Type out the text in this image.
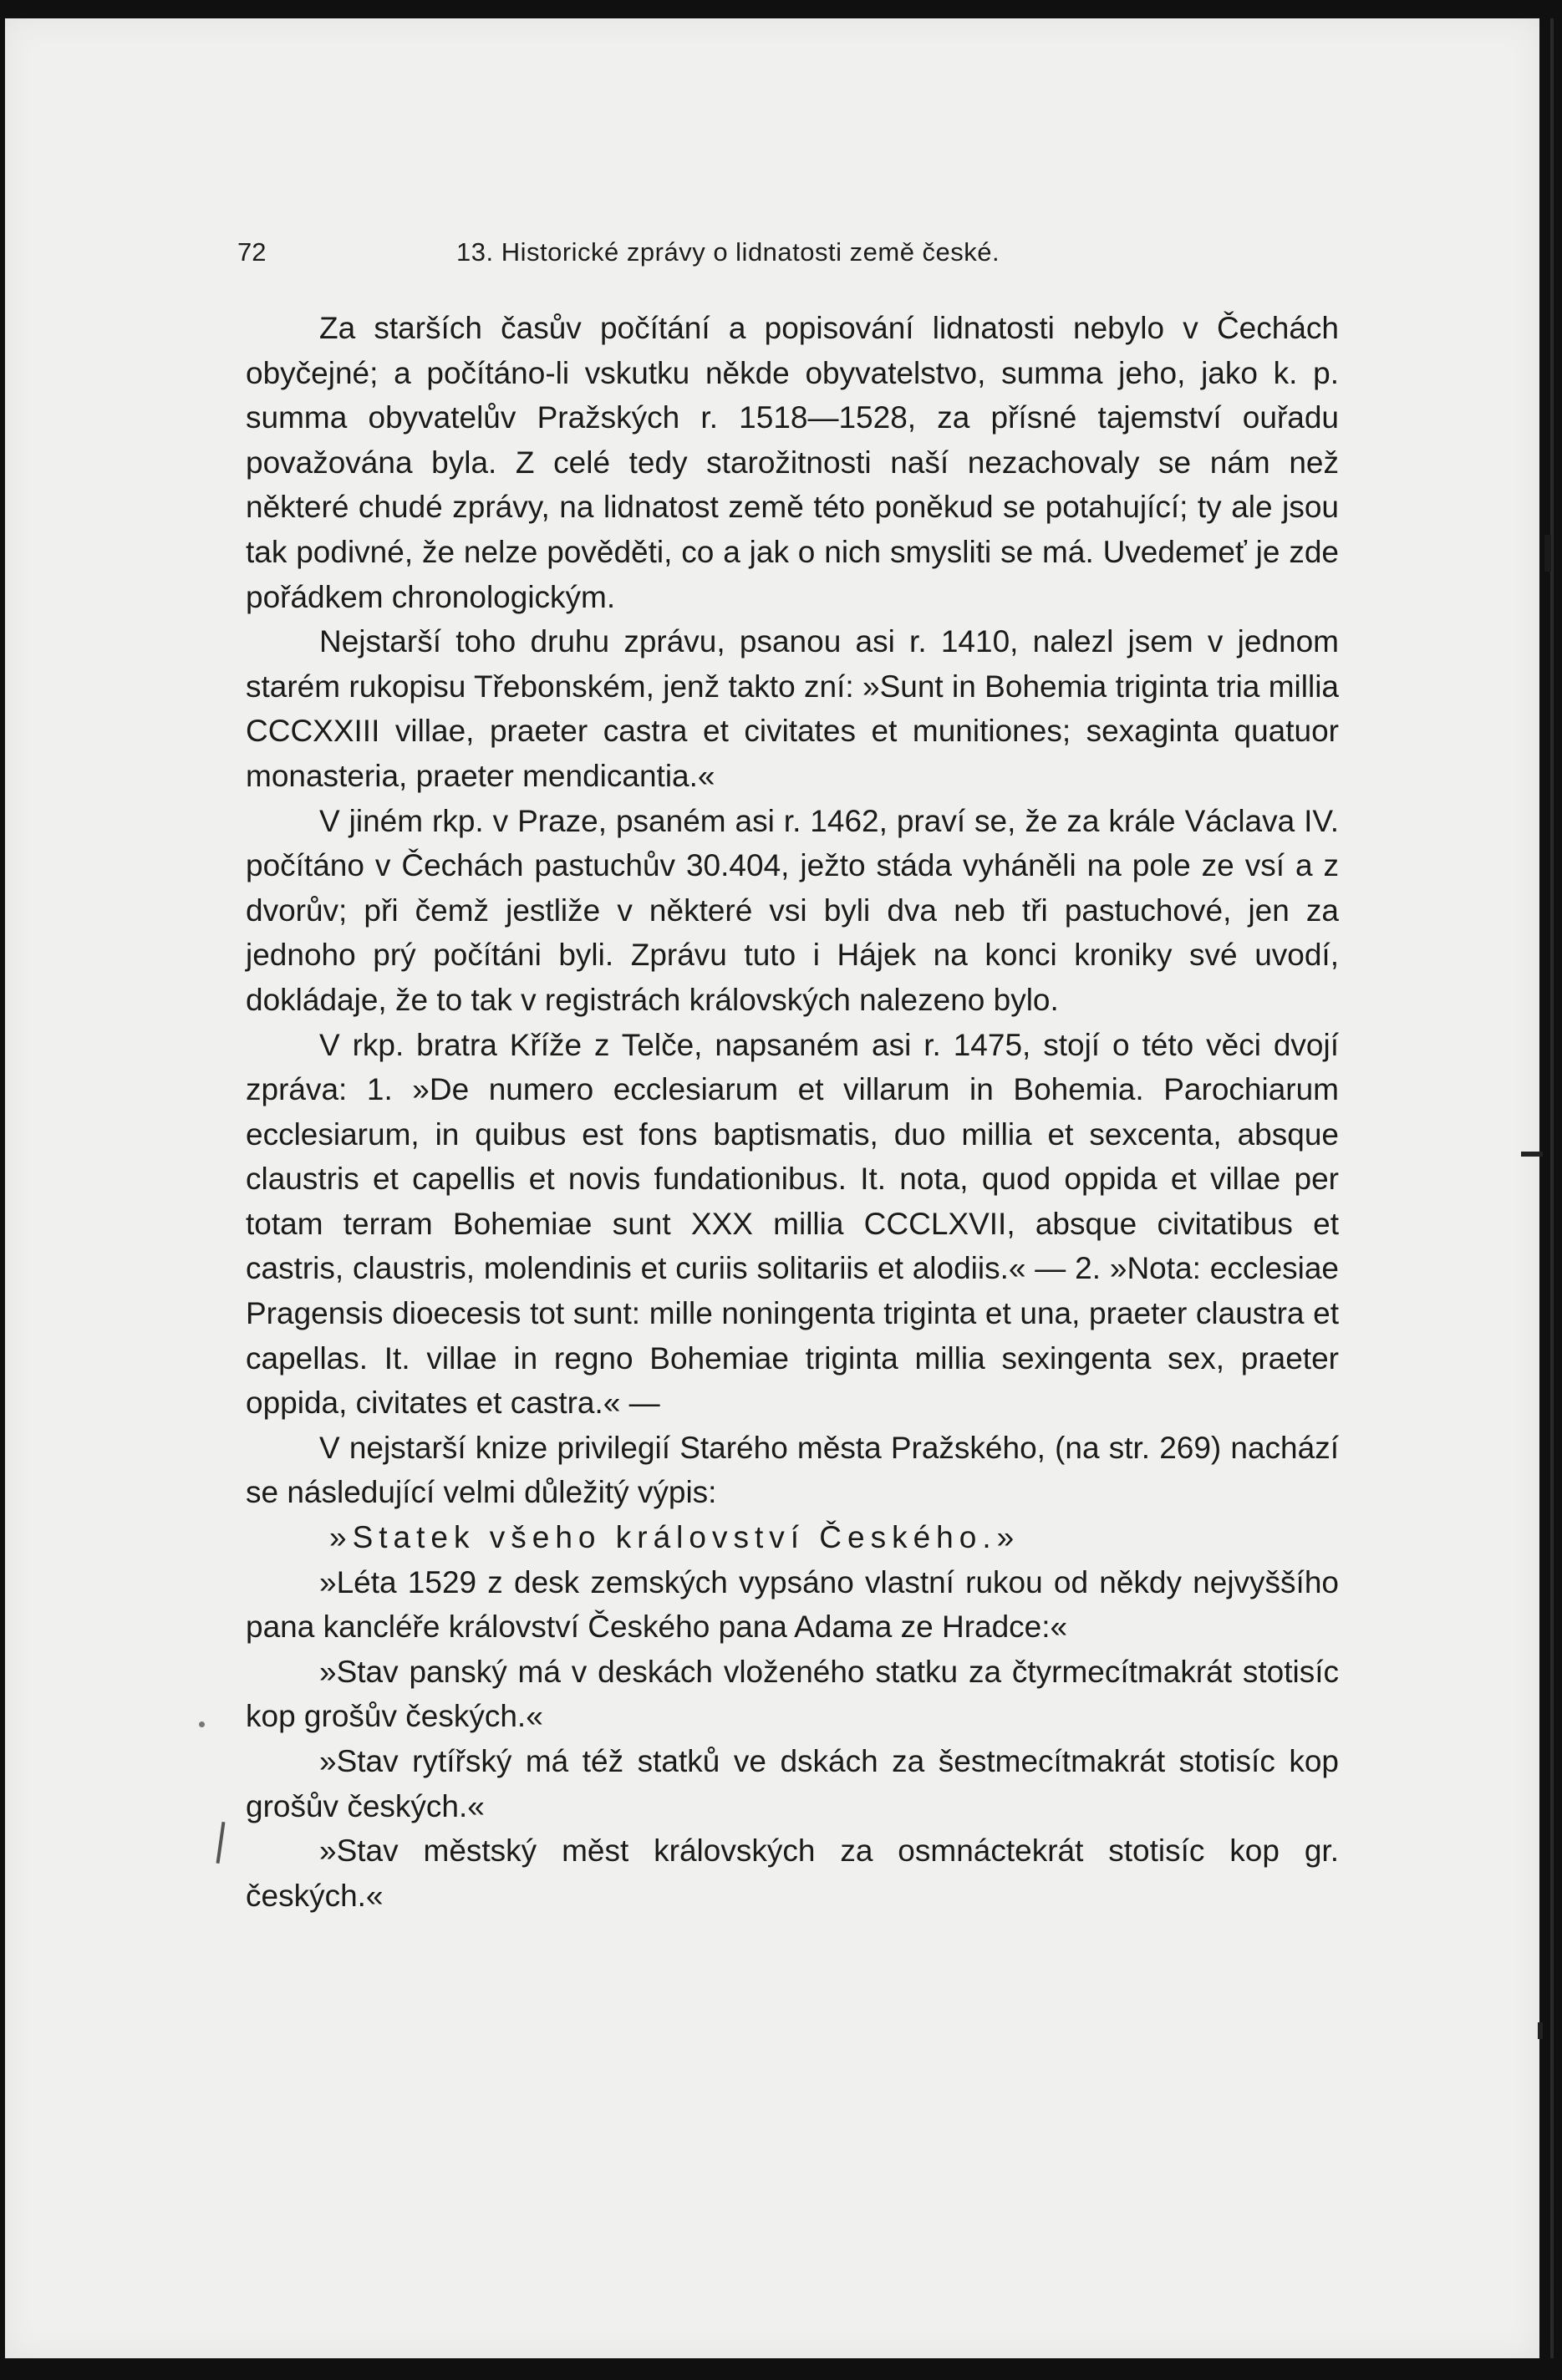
72	13. Historické zprávy o lidnatosti země české.

Za starších časův počítání a popisování lidnatosti nebylo v Čechách obyčejné; a počítáno-li vskutku někde obyvatelstvo, summa jeho, jako k. p. summa obyvatelův Pražských r. 1518—1528, za přísné tajemství ouřadu považována byla. Z celé tedy starožitnosti naší nezachovaly se nám než některé chudé zprávy, na lidnatost země této poněkud se potahující; ty ale jsou tak podivné, že nelze pověděti, co a jak o nich smysliti se má. Uvedemeť je zde pořádkem chronologickým.

Nejstarší toho druhu zprávu, psanou asi r. 1410, nalezl jsem v jednom starém rukopisu Třebonském, jenž takto zní: »Sunt in Bohemia triginta tria millia CCCXXIII villae, praeter castra et civitates et munitiones; sexaginta quatuor monasteria, praeter mendicantia.«

V jiném rkp. v Praze, psaném asi r. 1462, praví se, že za krále Václava IV. počítáno v Čechách pastuchův 30.404, ježto stáda vyháněli na pole ze vsí a z dvorův; při čemž jestliže v některé vsi byli dva neb tři pastuchové, jen za jednoho prý počítáni byli. Zprávu tuto i Hájek na konci kroniky své uvodí, dokládaje, že to tak v registrách královských nalezeno bylo.

V rkp. bratra Kříže z Telče, napsaném asi r. 1475, stojí o této věci dvojí zpráva: 1. »De numero ecclesiarum et villarum in Bohemia. Parochiarum ecclesiarum, in quibus est fons baptismatis, duo millia et sexcenta, absque claustris et capellis et novis fundationibus. It. nota, quod oppida et villae per totam terram Bohemiae sunt XXX millia CCCLXVII, absque civitatibus et castris, claustris, molendinis et curiis solitariis et alodiis.« — 2. »Nota: ecclesiae Pragensis dioecesis tot sunt: mille noningenta triginta et una, praeter claustra et capellas. It. villae in regno Bohemiae triginta millia sexingenta sex, praeter oppida, civitates et castra.« —

V nejstarší knize privilegií Starého města Pražského, (na str. 269) nachází se následující velmi důležitý výpis:

»Statek všeho království Českého.»

»Léta 1529 z desk zemských vypsáno vlastní rukou od někdy nejvyššího pana kancléře království Českého pana Adama ze Hradce:«

»Stav panský má v deskách vloženého statku za čtyrmecítmakrát stotisíc kop grošův českých.«

»Stav rytířský má též statků ve dskách za šestmecítmakrát stotisíc kop grošův českých.«

»Stav městský měst královských za osmnáctekrát stotisíc kop gr. českých.«
